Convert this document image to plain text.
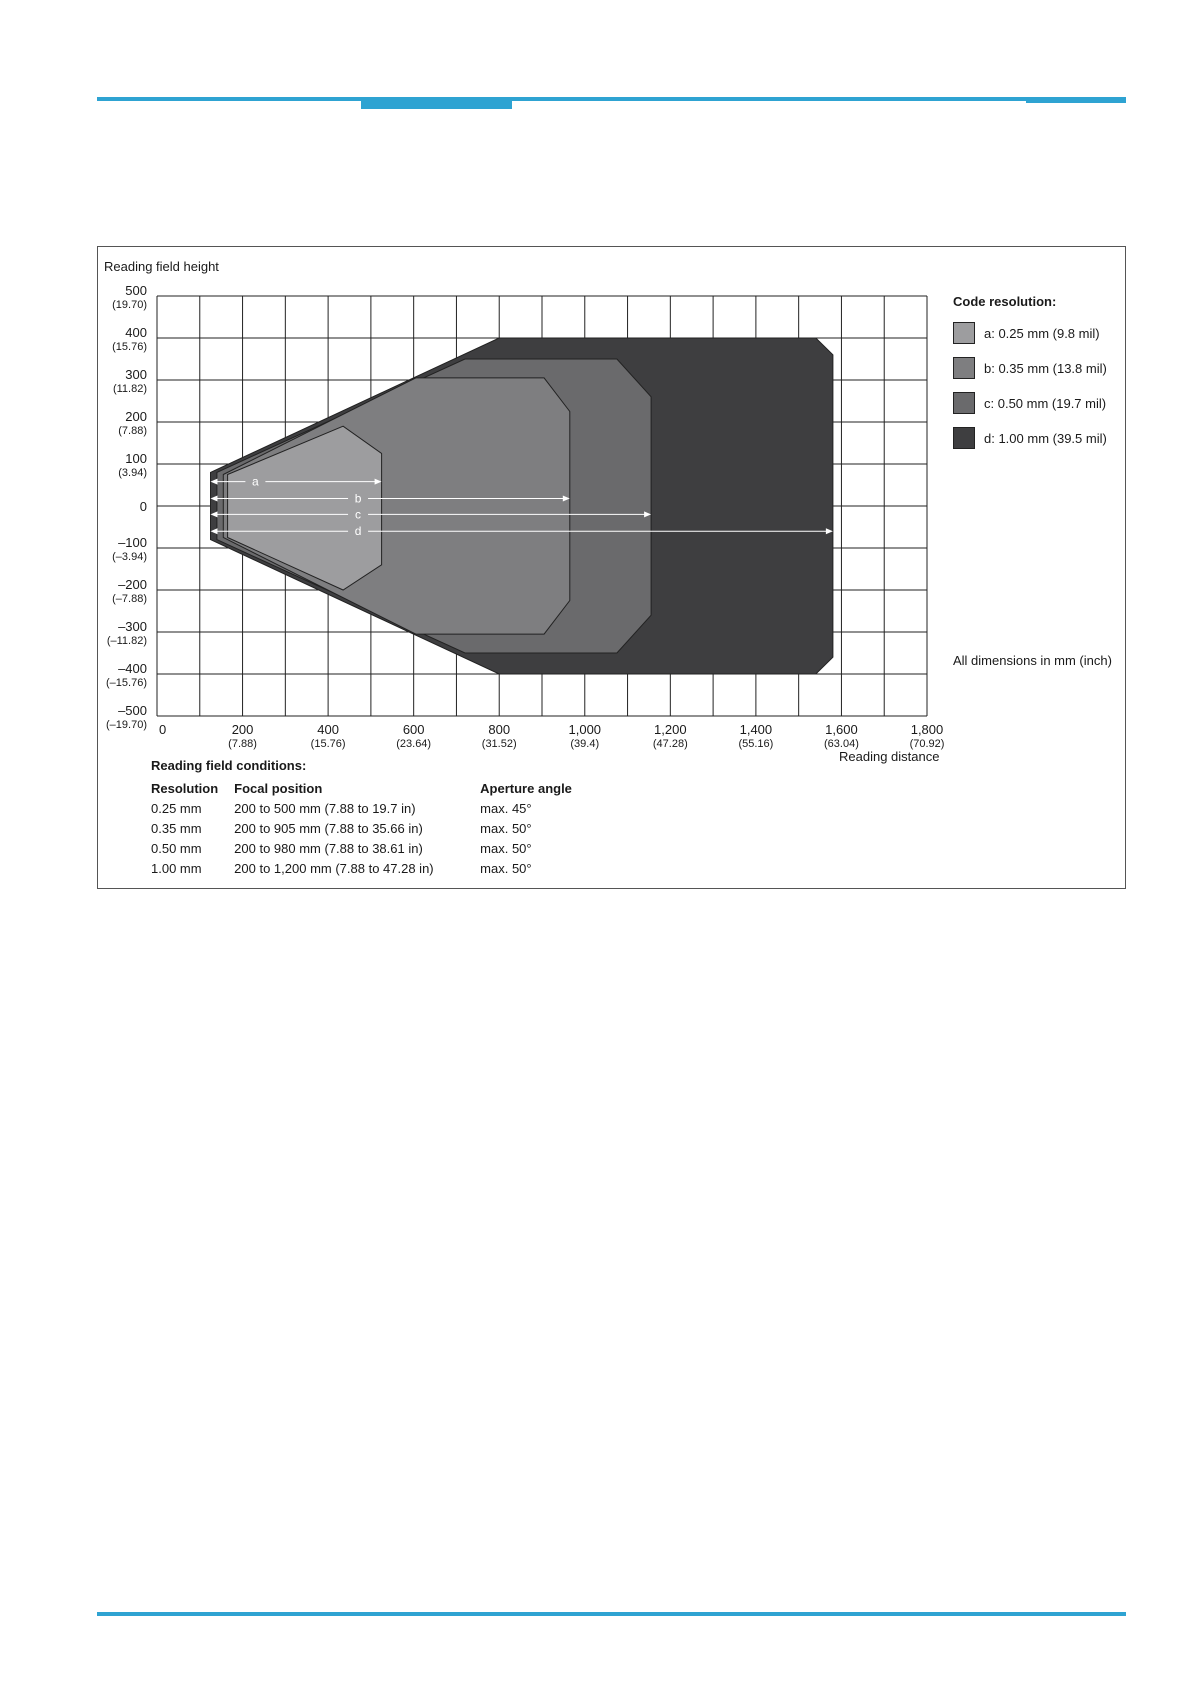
d
c
b
a
500
(19.70)
400
(15.76)
300
(11.82)
200
(7.88)
100
(3.94)
0
–100
(–3.94)
–200
(–7.88)
–300
(–11.82)
–400
(–15.76)
–500
(–19.70) 0	200
(7.88)
400
(15.76)
600
(23.64)
800
(31.52)
1,000
(39.4)
1,200
(47.28)
1,400
(55.16)
1,600
(63.04)
1,800
(70.92)
Reading field height
Reading distance
Code resolution:
a: 0.25 mm (9.8 mil)
b: 0.35 mm (13.8 mil)
c: 0.50 mm (19.7 mil)
d: 1.00 mm (39.5 mil)
All dimensions in mm (inch)
Reading field conditions:
Resolution	Focal position	Aperture angle
0.25 mm	200 to 500 mm (7.88 to 19.7 in)	max. 45°
0.35 mm	200 to 905 mm (7.88 to 35.66 in)	max. 50°
0.50 mm	200 to 980 mm (7.88 to 38.61 in)	max. 50°
1.00 mm	200 to 1,200 mm (7.88 to 47.28 in)	max. 50°
